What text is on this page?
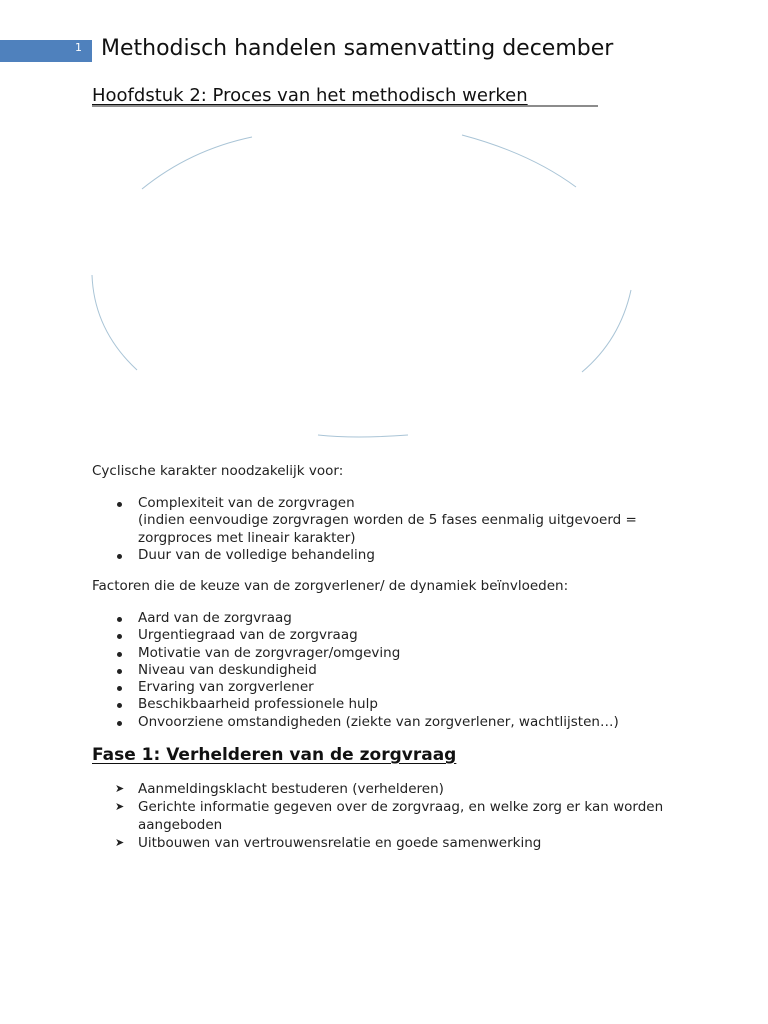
1 Methodisch handelen samenvatting december
Hoofdstuk 2: Proces van het methodisch werken
Cyclische karakter noodzakelijk voor:
Complexiteit van de zorgvragen
(indien eenvoudige zorgvragen worden de 5 fases eenmalig uitgevoerd = zorgproces met lineair karakter)
Duur van de volledige behandeling
Factoren die de keuze van de zorgverlener/ de dynamiek beïnvloeden:
Aard van de zorgvraag
Urgentiegraad van de zorgvraag
Motivatie van de zorgvrager/omgeving
Niveau van deskundigheid
Ervaring van zorgverlener
Beschikbaarheid professionele hulp
Onvoorziene omstandigheden (ziekte van zorgverlener, wachtlijsten…)
Fase 1: Verhelderen van de zorgvraag
➤ Aanmeldingsklacht bestuderen (verhelderen)
➤ Gerichte informatie gegeven over de zorgvraag, en welke zorg er kan worden aangeboden
➤ Uitbouwen van vertrouwensrelatie en goede samenwerking
